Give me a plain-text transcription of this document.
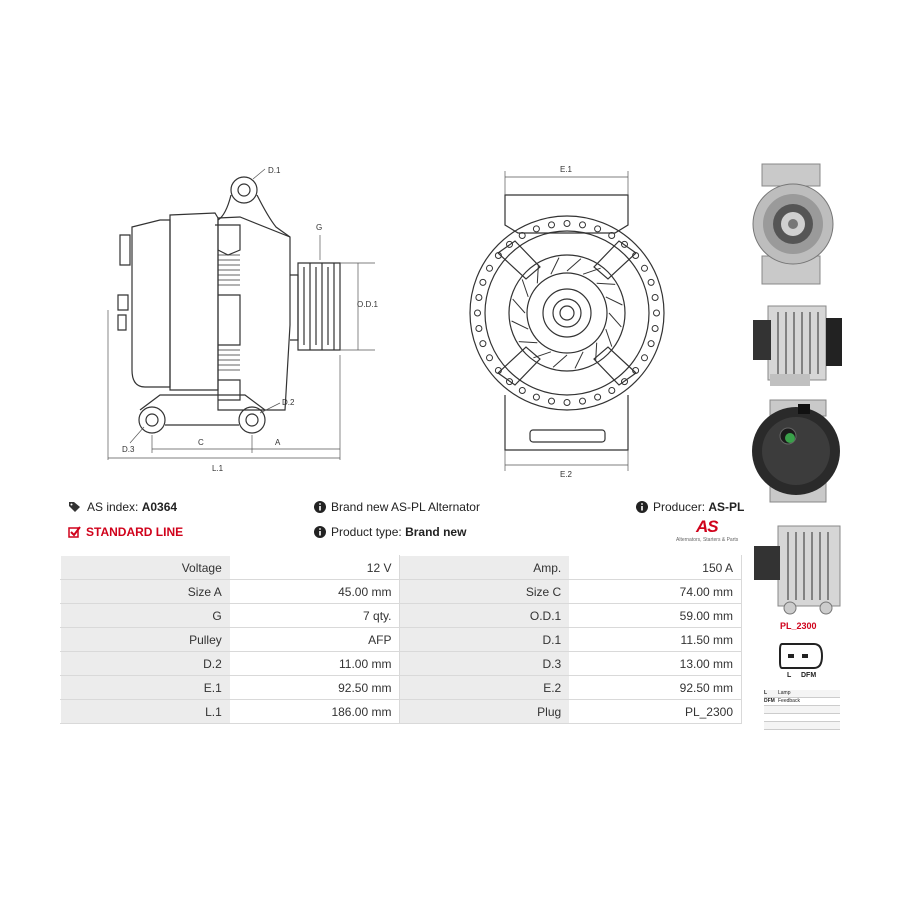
D.1
G
O.D.1
D.2
D.3
C	A
L.1
E.1
E.2
AS index: A0364
STANDARD LINE
Brand new AS-PL Alternator
Product type: Brand new
Producer: AS-PL
AS
Alternators, Starters & Parts
Voltage	12 V	Amp.	150 A
Size A	45.00 mm	Size C	74.00 mm
G	7 qty.	O.D.1	59.00 mm
Pulley	AFP	D.1	11.50 mm
D.2	11.00 mm	D.3	13.00 mm
E.1	92.50 mm	E.2	92.50 mm
L.1	186.00 mm	Plug	PL_2300
PL_2300
L DFM
L	Lamp
DFM Feedback
